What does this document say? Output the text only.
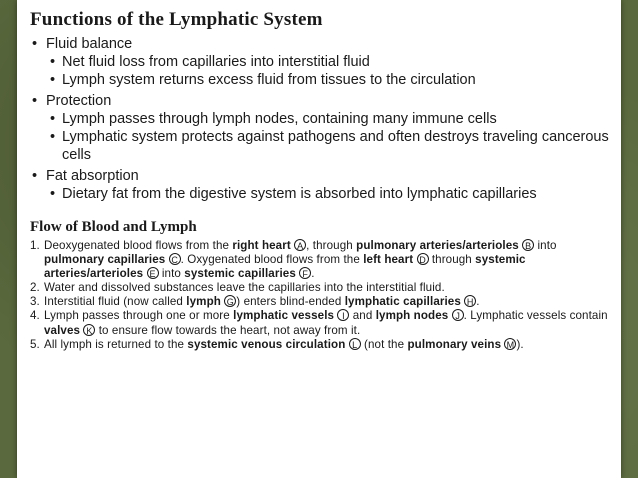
Functions of the Lymphatic System
• Fluid balance
• Net fluid loss from capillaries into interstitial fluid
• Lymph system returns excess fluid from tissues to the circulation
• Protection
• Lymph passes through lymph nodes, containing many immune cells
• Lymphatic system protects against pathogens and often destroys traveling cancerous cells
• Fat absorption
• Dietary fat from the digestive system is absorbed into lymphatic capillaries
Flow of Blood and Lymph
1. Deoxygenated blood flows from the right heart A , through pulmonary arteries/arterioles B into pulmonary capillaries C . Oxygenated blood flows from the left heart D through systemic arteries/arterioles E into systemic capillaries F .
2. Water and dissolved substances leave the capillaries into the interstitial fluid.
3. Interstitial fluid (now called lymph G ) enters blind-ended lymphatic capillaries H .
4. Lymph passes through one or more lymphatic vessels I and lymph nodes J . Lymphatic vessels contain valves K to ensure flow towards the heart, not away from it.
5. All lymph is returned to the systemic venous circulation L (not the pulmonary veins M ).
